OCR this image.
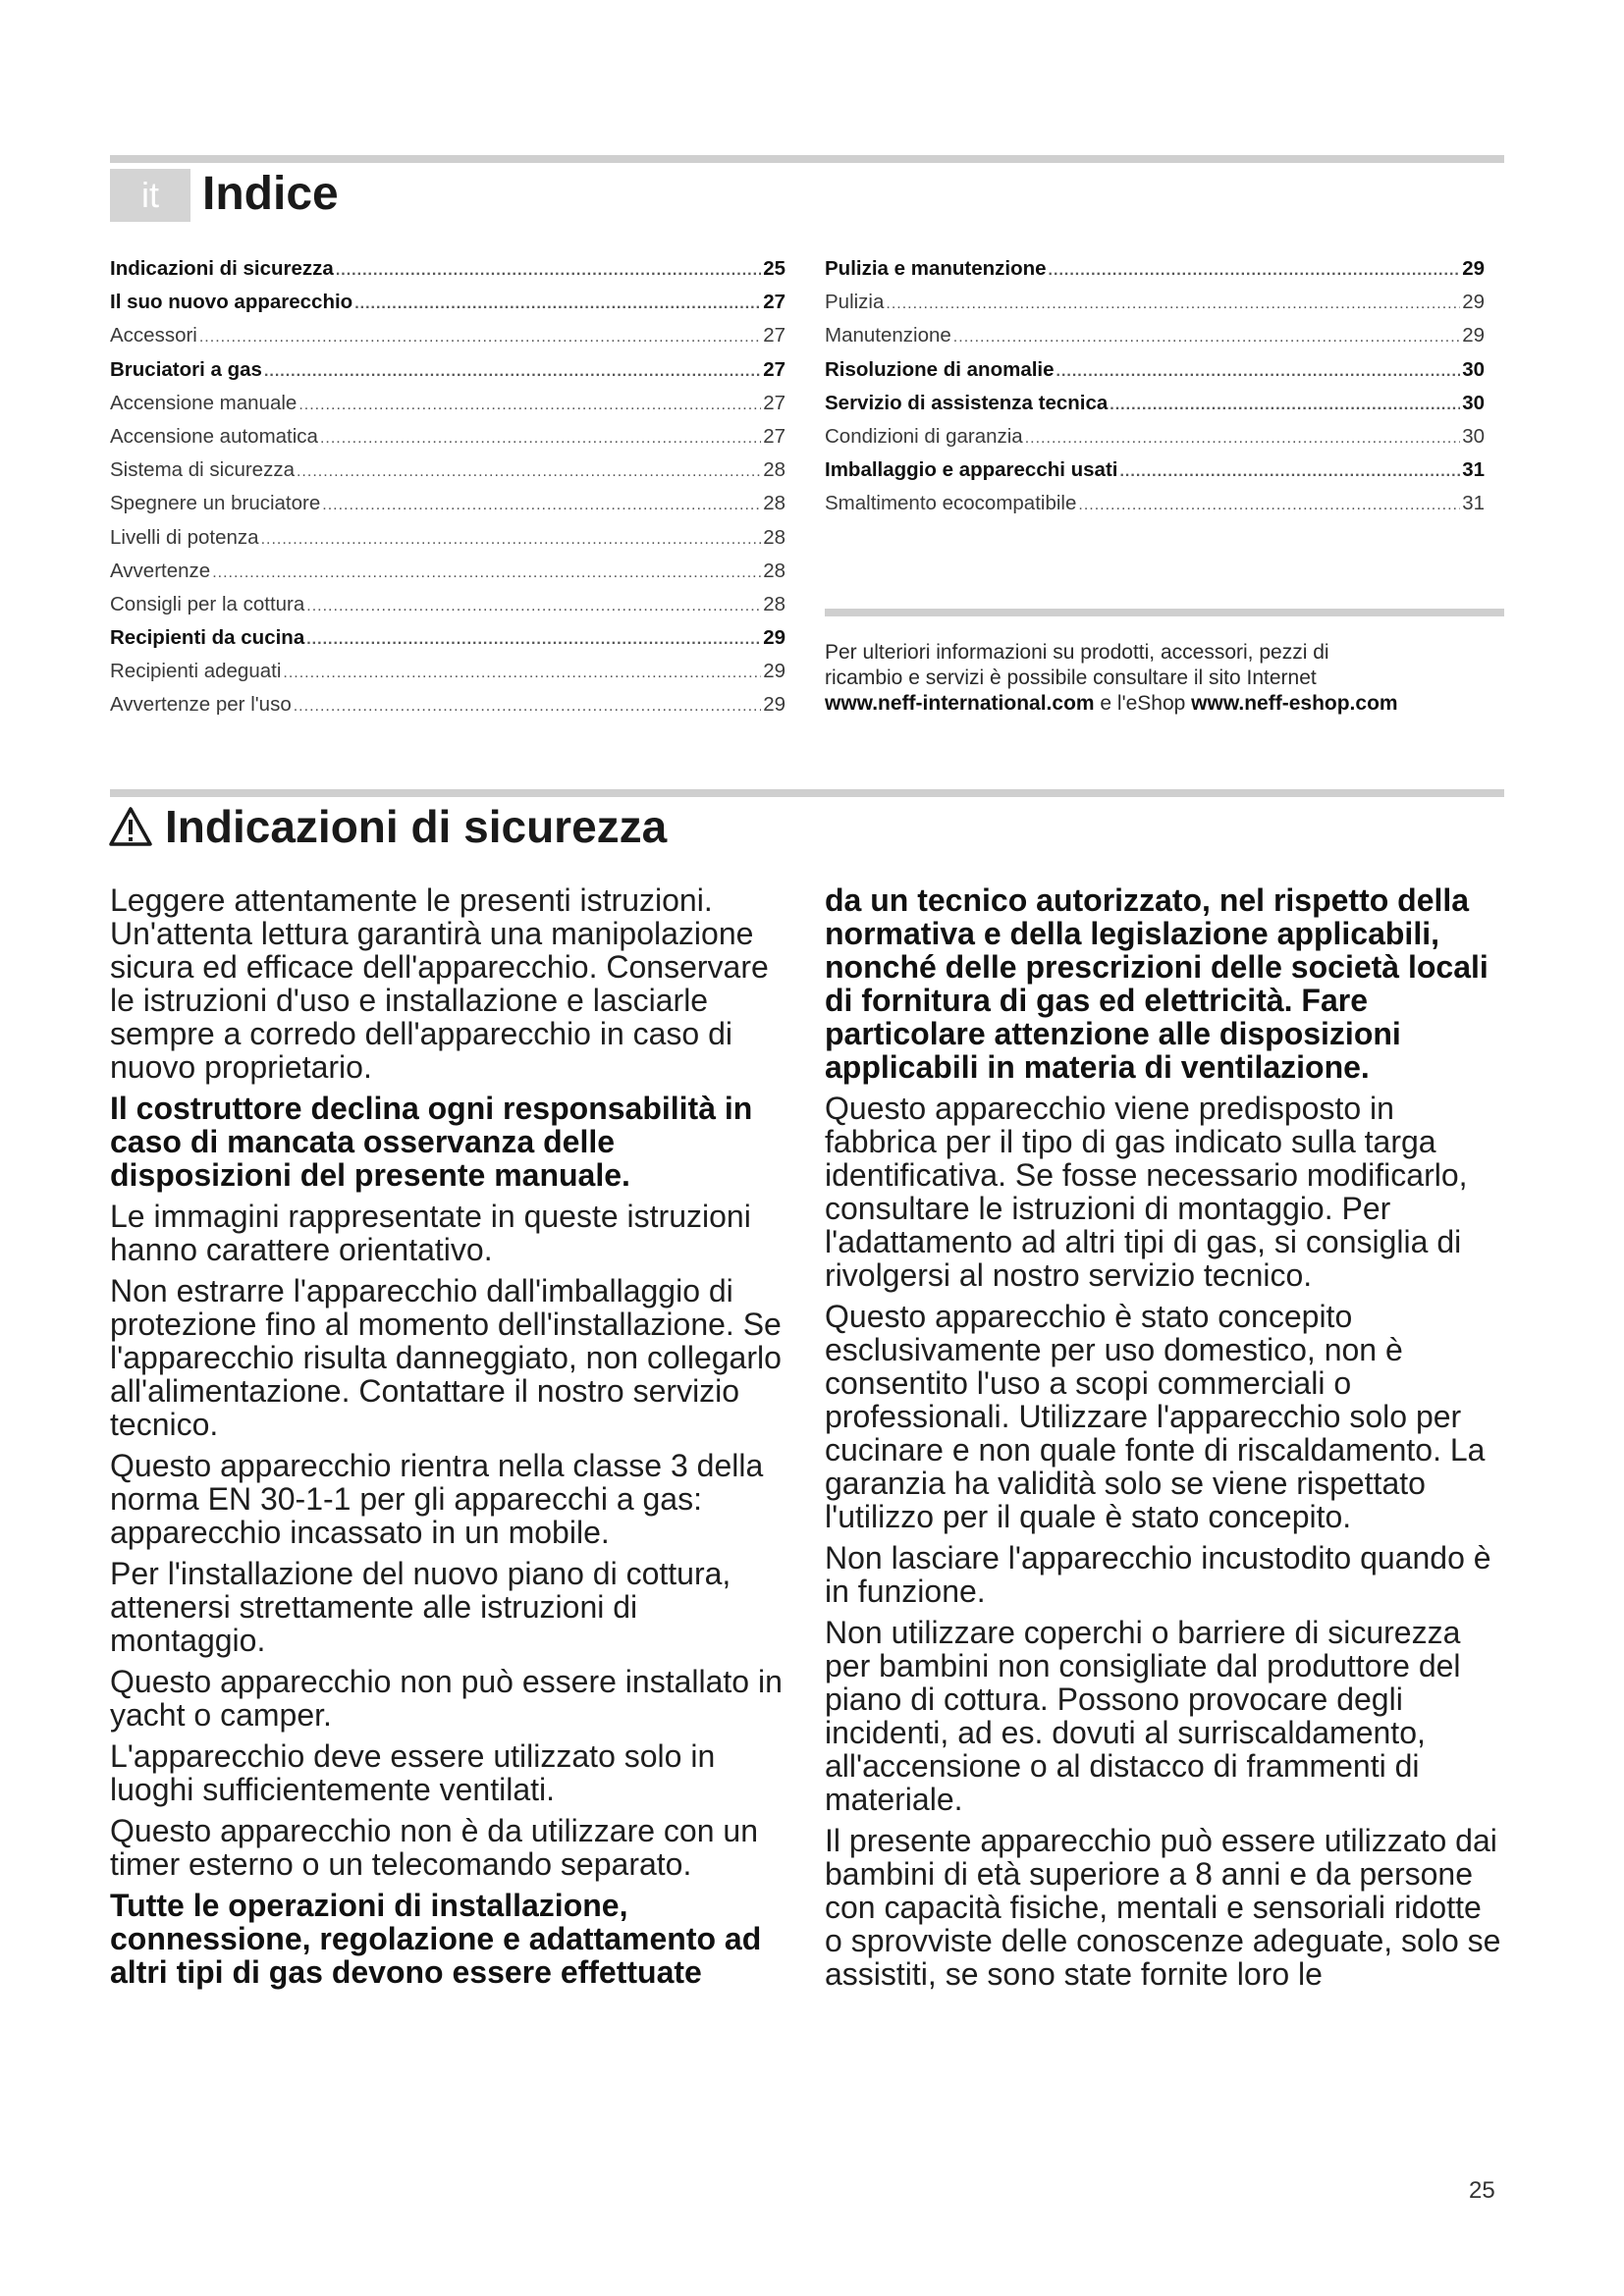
it Indice
Indicazioni di sicurezza .....	25
Il suo nuovo apparecchio .....	27
Accessori .....	27
Bruciatori a gas .....	27
Accensione manuale .....	27
Accensione automatica .....	27
Sistema di sicurezza .....	28
Spegnere un bruciatore .....	28
Livelli di potenza .....	28
Avvertenze .....	28
Consigli per la cottura .....	28
Recipienti da cucina .....	29
Recipienti adeguati .....	29
Avvertenze per l'uso .....	29
Pulizia e manutenzione .....	29
Pulizia .....	29
Manutenzione .....	29
Risoluzione di anomalie .....	30
Servizio di assistenza tecnica .....	30
Condizioni di garanzia .....	30
Imballaggio e apparecchi usati .....	31
Smaltimento ecocompatibile .....	31
Per ulteriori informazioni su prodotti, accessori, pezzi di
ricambio e servizi è possibile consultare il sito Internet
www.neff-international.com e l'eShop www.neff-eshop.com
Indicazioni di sicurezza

Leggere attentamente le presenti istruzioni. Un'attenta lettura garantirà una manipolazione sicura ed efficace dell'apparecchio. Conservare le istruzioni d'uso e installazione e lasciarle sempre a corredo dell'apparecchio in caso di nuovo proprietario.

Il costruttore declina ogni responsabilità in caso di mancata osservanza delle disposizioni del presente manuale.

Le immagini rappresentate in queste istruzioni hanno carattere orientativo.

Non estrarre l'apparecchio dall'imballaggio di protezione fino al momento dell'installazione. Se l'apparecchio risulta danneggiato, non collegarlo all'alimentazione. Contattare il nostro servizio tecnico.

Questo apparecchio rientra nella classe 3 della norma EN 30-1-1 per gli apparecchi a gas: apparecchio incassato in un mobile.

Per l'installazione del nuovo piano di cottura, attenersi strettamente alle istruzioni di montaggio.

Questo apparecchio non può essere installato in yacht o camper.

L'apparecchio deve essere utilizzato solo in luoghi sufficientemente ventilati.

Questo apparecchio non è da utilizzare con un timer esterno o un telecomando separato.

Tutte le operazioni di installazione, connessione, regolazione e adattamento ad altri tipi di gas devono essere effettuate

da un tecnico autorizzato, nel rispetto della normativa e della legislazione applicabili, nonché delle prescrizioni delle società locali di fornitura di gas ed elettricità. Fare particolare attenzione alle disposizioni applicabili in materia di ventilazione.

Questo apparecchio viene predisposto in fabbrica per il tipo di gas indicato sulla targa identificativa. Se fosse necessario modificarlo, consultare le istruzioni di montaggio. Per l'adattamento ad altri tipi di gas, si consiglia di rivolgersi al nostro servizio tecnico.

Questo apparecchio è stato concepito esclusivamente per uso domestico, non è consentito l'uso a scopi commerciali o professionali. Utilizzare l'apparecchio solo per cucinare e non quale fonte di riscaldamento. La garanzia ha validità solo se viene rispettato l'utilizzo per il quale è stato concepito.

Non lasciare l'apparecchio incustodito quando è in funzione.

Non utilizzare coperchi o barriere di sicurezza per bambini non consigliate dal produttore del piano di cottura. Possono provocare degli incidenti, ad es. dovuti al surriscaldamento, all'accensione o al distacco di frammenti di materiale.

Il presente apparecchio può essere utilizzato dai bambini di età superiore a 8 anni e da persone con capacità fisiche, mentali e sensoriali ridotte o sprovviste delle conoscenze adeguate, solo se assistiti, se sono state fornite loro le

25
